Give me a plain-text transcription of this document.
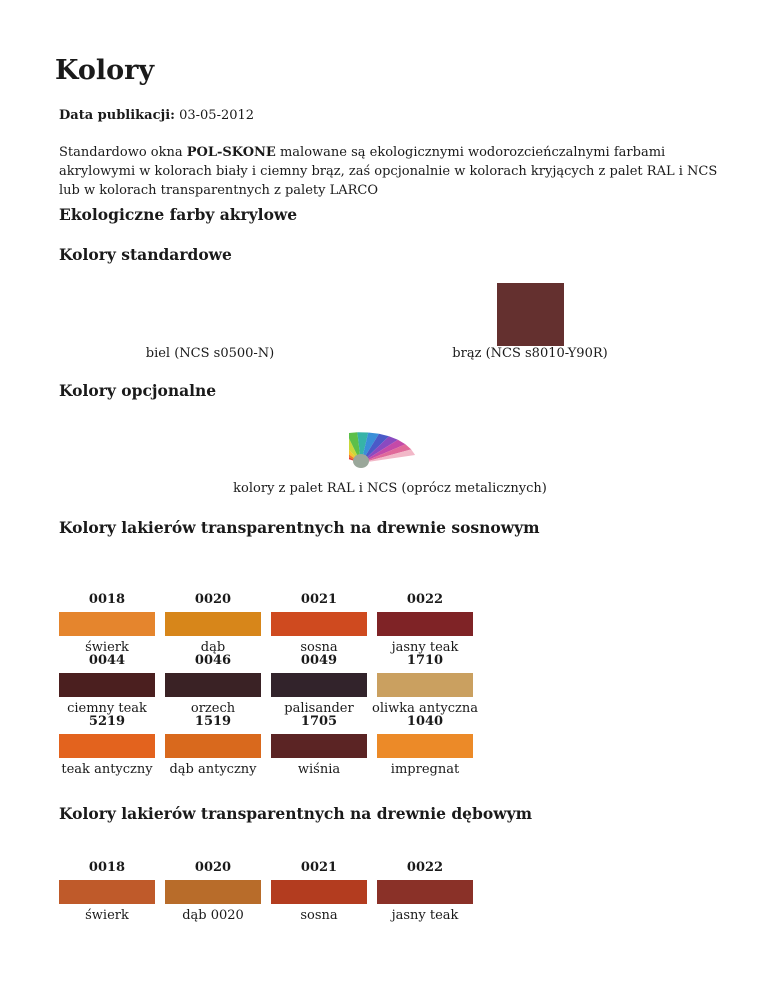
Kolory
Data publikacji: 03-05-2012
Standardowo okna POL-SKONE malowane są ekologicznymi wodorozcieńczalnymi farbami akrylowymi w kolorach biały i ciemny brąz, zaś opcjonalnie w kolorach kryjących z palet RAL i NCS lub w kolorach transparentnych z palety LARCO
Ekologiczne farby akrylowe
Kolory standardowe
biel (NCS s0500-N)	brąz (NCS s8010-Y90R)
Kolory opcjonalne
kolory z palet RAL i NCS (oprócz metalicznych)
Kolory lakierów transparentnych na drewnie sosnowym
0018
świerk
0020
dąb
0021
sosna
0022
jasny teak
0044
ciemny teak
0046
orzech
0049
palisander
1710
oliwka antyczna
5219
teak antyczny
1519
dąb antyczny
1705
wiśnia
1040
impregnat
Kolory lakierów transparentnych na drewnie dębowym
0018
świerk
0020
dąb 0020
0021
sosna
0022
jasny teak
